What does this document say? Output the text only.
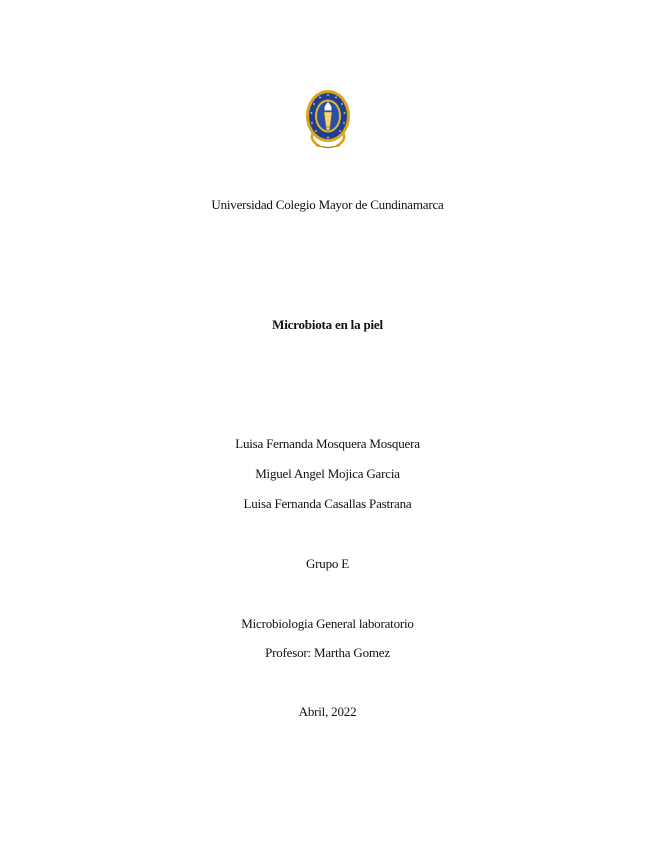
Universidad Colegio Mayor de Cundinamarca
Microbiota en la piel
Luisa Fernanda Mosquera Mosquera
Miguel Angel Mojica Garcia
Luisa Fernanda Casallas Pastrana
Grupo E
Microbiologia General laboratorio
Profesor: Martha Gomez
Abril, 2022
